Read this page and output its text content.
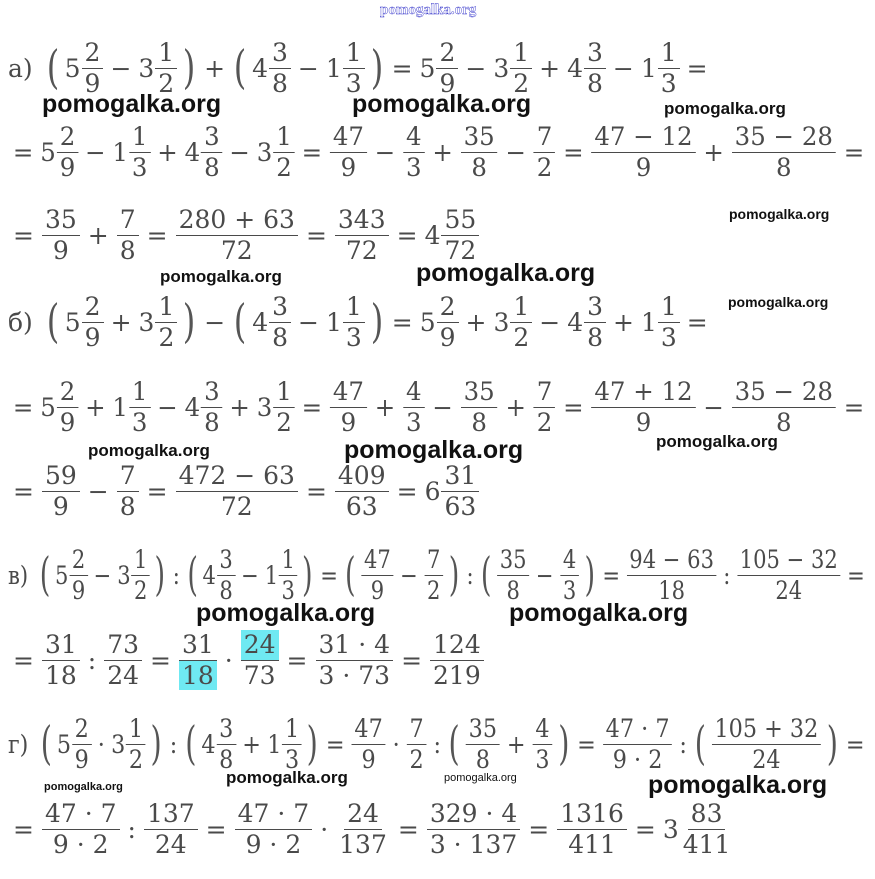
а) ( $5 \frac{2}{9} - 3 \frac{1}{2}$ ) + ( $4 \frac{3}{8} - 1 \frac{1}{3}$ ) = $5 \frac{2}{9} - 3 \frac{1}{2} + 4 \frac{3}{8} - 1 \frac{1}{3}$ =
= $5 \frac{2}{9} - 1 \frac{1}{3} + 4 \frac{3}{8} - 3 \frac{1}{2} = \frac{47}{9} - \frac{4}{3} + \frac{35}{8} - \frac{7}{2} = \frac{47 - 12}{9} + \frac{35 - 28}{8}$ =
= $\frac{35}{9} + \frac{7}{8} = \frac{280 + 63}{72} = \frac{343}{72} = 4 \frac{55}{72}$
б) ( $5 \frac{2}{9} + 3 \frac{1}{2}$ ) − ( $4 \frac{3}{8} - 1 \frac{1}{3}$ ) = $5 \frac{2}{9} + 3 \frac{1}{2} - 4 \frac{3}{8} + 1 \frac{1}{3}$ =
= $5 \frac{2}{9} + 1 \frac{1}{3} - 4 \frac{3}{8} + 3 \frac{1}{2} = \frac{47}{9} + \frac{4}{3} - \frac{35}{8} + \frac{7}{2} = \frac{47 + 12}{9} - \frac{35 - 28}{8}$ =
= $\frac{59}{9} - \frac{7}{8} = \frac{472 - 63}{72} = \frac{409}{63} = 6 \frac{31}{63}$
в) ( $5 \frac{2}{9} - 3 \frac{1}{2}$ ) : ( $4 \frac{3}{8} - 1 \frac{1}{3}$ ) = ( $\frac{47}{9} - \frac{7}{2}$ ) : ( $\frac{35}{8} - \frac{4}{3}$ ) = $\frac{94 - 63}{18}$ : $\frac{105 - 32}{24}$ =
= $\frac{31}{18}$ : $\frac{73}{24} = \frac{31}{18} \cdot \frac{24}{73} = \frac{31 \cdot 4}{3 \cdot 73} = \frac{124}{219}$
г) ( $5 \frac{2}{9} \cdot 3 \frac{1}{2}$ ) : ( $4 \frac{3}{8} + 1 \frac{1}{3}$ ) = $\frac{47}{9} \cdot \frac{7}{2}$ : ( $\frac{35}{8} + \frac{4}{3}$ ) = $\frac{47 \cdot 7}{9 \cdot 2}$ : ( $\frac{105 + 32}{24}$ ) =
= $\frac{47 \cdot 7}{9 \cdot 2}$ : $\frac{137}{24} = \frac{47 \cdot 7}{9 \cdot 2} \cdot \frac{24}{137} = \frac{329 \cdot 4}{3 \cdot 137} = \frac{1316}{411} = 3 \frac{83}{411}$
pomogalka.org
pomogalka.org	pomogalka.org	pomogalka.org
pomogalka.org
pomogalka.org	pomogalka.org
pomogalka.org
pomogalka.org	pomogalka.org	pomogalka.org
pomogalka.org	pomogalka.org
pomogalka.org	pomogalka.org	pomogalka.org	pomogalka.org
